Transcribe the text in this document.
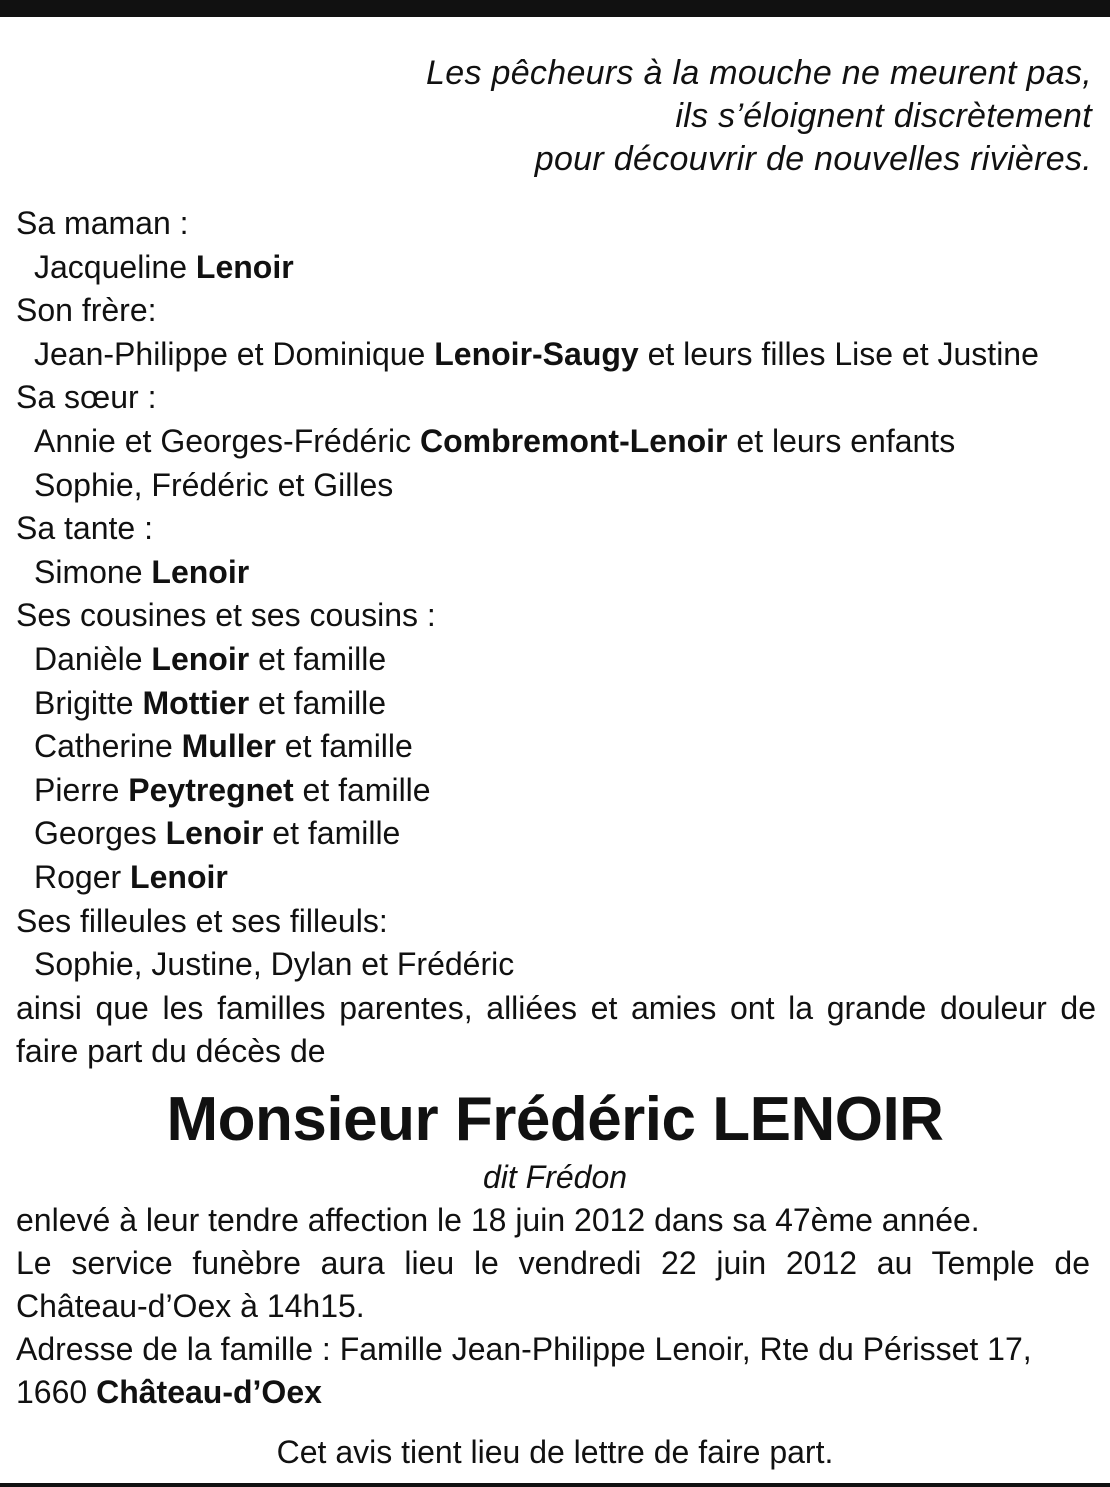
Les pêcheurs à la mouche ne meurent pas,
ils s’éloignent discrètement
pour découvrir de nouvelles rivières.
Sa maman :
Jacqueline Lenoir
Son frère:
Jean-Philippe et Dominique Lenoir-Saugy et leurs filles Lise et Justine
Sa sœur :
Annie et Georges-Frédéric Combremont-Lenoir et leurs enfants
Sophie, Frédéric et Gilles
Sa tante :
Simone Lenoir
Ses cousines et ses cousins :
Danièle Lenoir et famille
Brigitte Mottier et famille
Catherine Muller et famille
Pierre Peytregnet et famille
Georges Lenoir et famille
Roger Lenoir
Ses filleules et ses filleuls:
Sophie, Justine, Dylan et Frédéric
ainsi que les familles parentes, alliées et amies ont la grande douleur de faire part du décès de
Monsieur Frédéric LENOIR
dit Frédon

enlevé à leur tendre affection le 18 juin 2012 dans sa 47ème année.

Le service funèbre aura lieu le vendredi 22 juin 2012 au Temple de Château-d’Oex à 14h15.

Adresse de la famille : Famille Jean-Philippe Lenoir, Rte du Périsset 17, 1660 Château-d’Oex

Cet avis tient lieu de lettre de faire part.
